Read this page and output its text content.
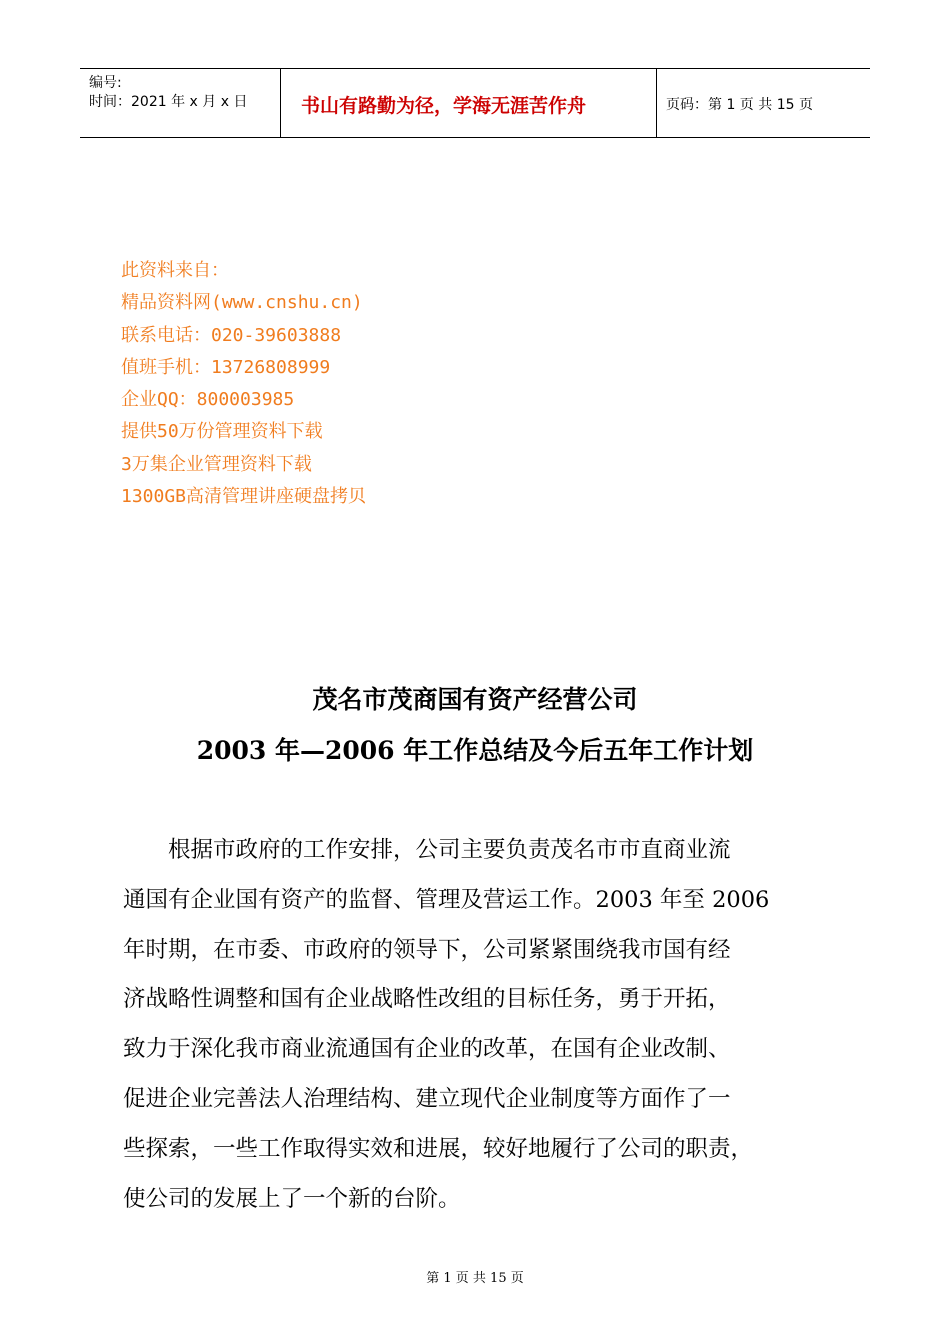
编号:
时间：2021 年 x 月 x 日	书山有路勤为径，学海无涯苦作舟	页码：第 1 页 共 15 页
此资料来自：
精品资料网(www.cnshu.cn)
联系电话：020-39603888
值班手机：13726808999
企业QQ：800003985
提供50万份管理资料下载
3万集企业管理资料下载
1300GB高清管理讲座硬盘拷贝
茂名市茂商国有资产经营公司
2003 年—2006 年工作总结及今后五年工作计划
　　根据市政府的工作安排，公司主要负责茂名市市直商业流
通国有企业国有资产的监督、管理及营运工作。2003 年至 2006
年时期，在市委、市政府的领导下，公司紧紧围绕我市国有经
济战略性调整和国有企业战略性改组的目标任务，勇于开拓，
致力于深化我市商业流通国有企业的改革，在国有企业改制、
促进企业完善法人治理结构、建立现代企业制度等方面作了一
些探索，一些工作取得实效和进展，较好地履行了公司的职责，
使公司的发展上了一个新的台阶。
第 1 页 共 15 页
